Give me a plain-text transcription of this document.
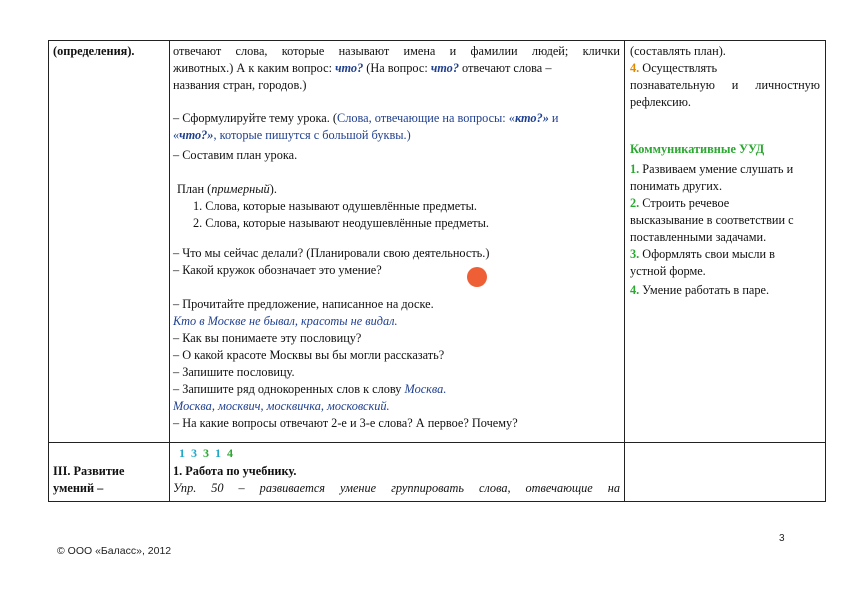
(определения).
III. Развитие
умений –
отвечают слова, которые называют имена и фамилии людей; клички
животных.) А к каким вопрос: что? (На вопрос: что? отвечают слова –
названия стран, городов.)
– Сформулируйте тему урока. (Слова, отвечающие на вопросы: «кто?» и
«что?», которые пишутся с большой буквы.)
– Составим план урока.
План (примерный).
1. Слова, которые называют одушевлённые предметы.
2. Слова, которые называют неодушевлённые предметы.
– Что мы сейчас делали? (Планировали свою деятельность.)
– Какой кружок обозначает это умение?
– Прочитайте предложение, написанное на доске.
Кто в Москве не бывал, красоты не видал.
– Как вы понимаете эту пословицу?
– О какой красоте Москвы вы бы могли рассказать?
– Запишите пословицу.
– Запишите ряд однокоренных слов к слову Москва.
Москва, москвич, москвичка, московский.
– На какие вопросы отвечают 2-е и 3-е слова? А первое? Почему?
1 3 3 1 4
1. Работа по учебнику.
Упр. 50 – развивается умение группировать слова, отвечающие на
(составлять план).
4. Осуществлять
познавательную и личностную
рефлексию.
Коммуникативные УУД
1. Развиваем умение слушать и
понимать других.
2. Строить речевое
высказывание в соответствии с
поставленными задачами.
3. Оформлять свои мысли в
устной форме.
4. Умение работать в паре.
3
© ООО «Баласс», 2012
